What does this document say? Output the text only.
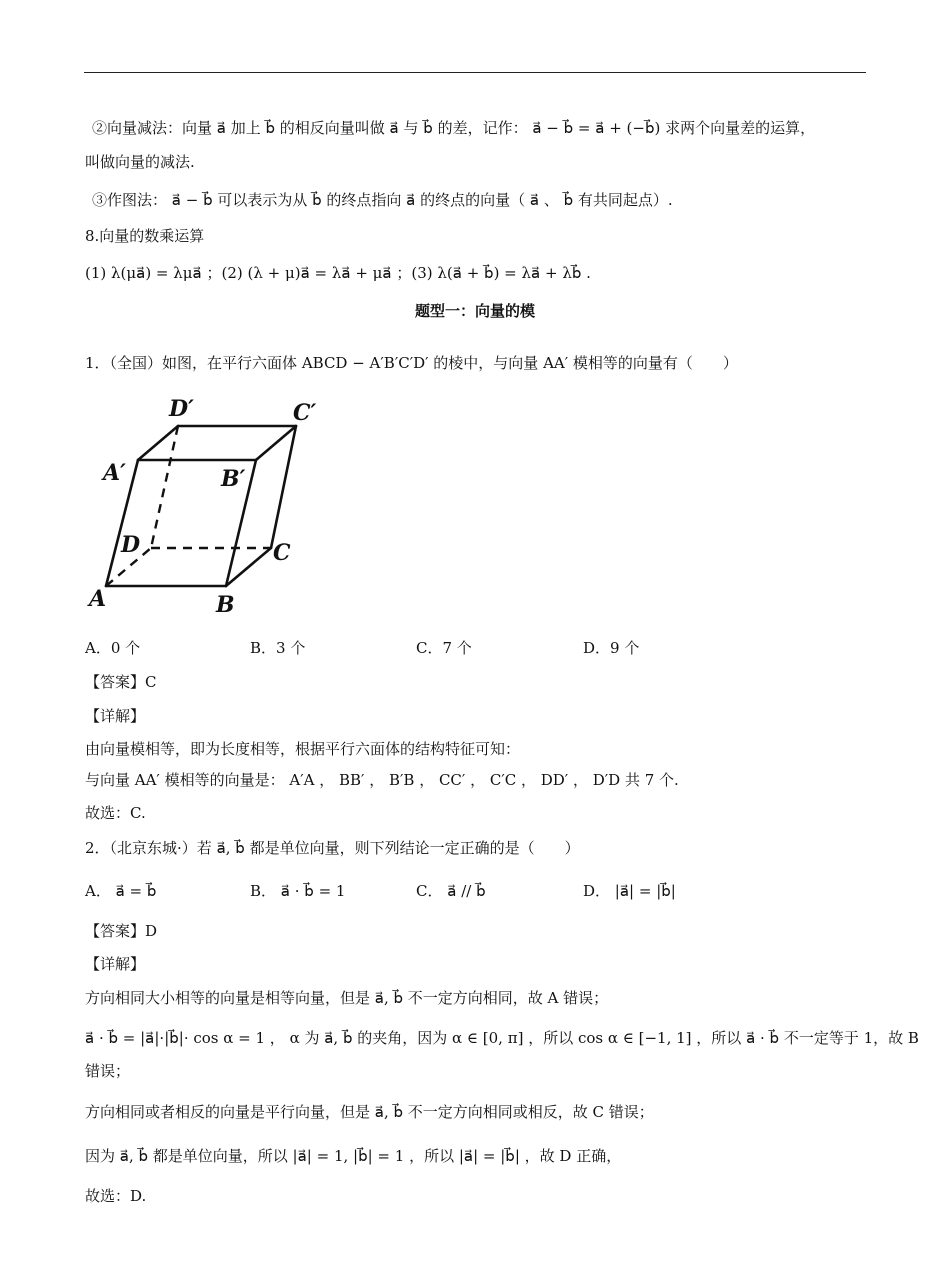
②向量减法：向量 a⃗ 加上 b⃗ 的相反向量叫做 a⃗ 与 b⃗ 的差，记作： a⃗ − b⃗ = a⃗ + (−b⃗) 求两个向量差的运算，
叫做向量的减法.
③作图法： a⃗ − b⃗ 可以表示为从 b⃗ 的终点指向 a⃗ 的终点的向量（ a⃗ 、 b⃗ 有共同起点）.
8.向量的数乘运算
(1) λ(μa⃗) = λμa⃗ ；(2) (λ + μ)a⃗ = λa⃗ + μa⃗ ；(3) λ(a⃗ + b⃗) = λa⃗ + λb⃗ .
题型一：向量的模
1．（全国）如图，在平行六面体 ABCD − A′B′C′D′ 的棱中，与向量 AA′ 模相等的向量有（　　）
D′	C′
A′	B′
D	C
A	B
A．0 个	B．3 个	C．7 个	D．9 个
【答案】C
【详解】
由向量模相等，即为长度相等，根据平行六面体的结构特征可知：
与向量 AA′ 模相等的向量是： A′A ， BB′ ， B′B ， CC′ ， C′C ， DD′ ， D′D 共 7 个.
故选：C.
2．（北京东城·）若 a⃗, b⃗ 都是单位向量，则下列结论一定正确的是（　　）
A． a⃗ = b⃗	B． a⃗ · b⃗ = 1	C． a⃗ // b⃗	D． |a⃗| = |b⃗|
【答案】D
【详解】
方向相同大小相等的向量是相等向量，但是 a⃗, b⃗ 不一定方向相同，故 A 错误；
a⃗ · b⃗ = |a⃗|·|b⃗|· cos α = 1 ， α 为 a⃗, b⃗ 的夹角，因为 α ∈ [0, π] ，所以 cos α ∈ [−1, 1] ，所以 a⃗ · b⃗ 不一定等于 1，故 B
错误；
方向相同或者相反的向量是平行向量，但是 a⃗, b⃗ 不一定方向相同或相反，故 C 错误；
因为 a⃗, b⃗ 都是单位向量，所以 |a⃗| = 1, |b⃗| = 1 ，所以 |a⃗| = |b⃗| ，故 D 正确，
故选：D.
